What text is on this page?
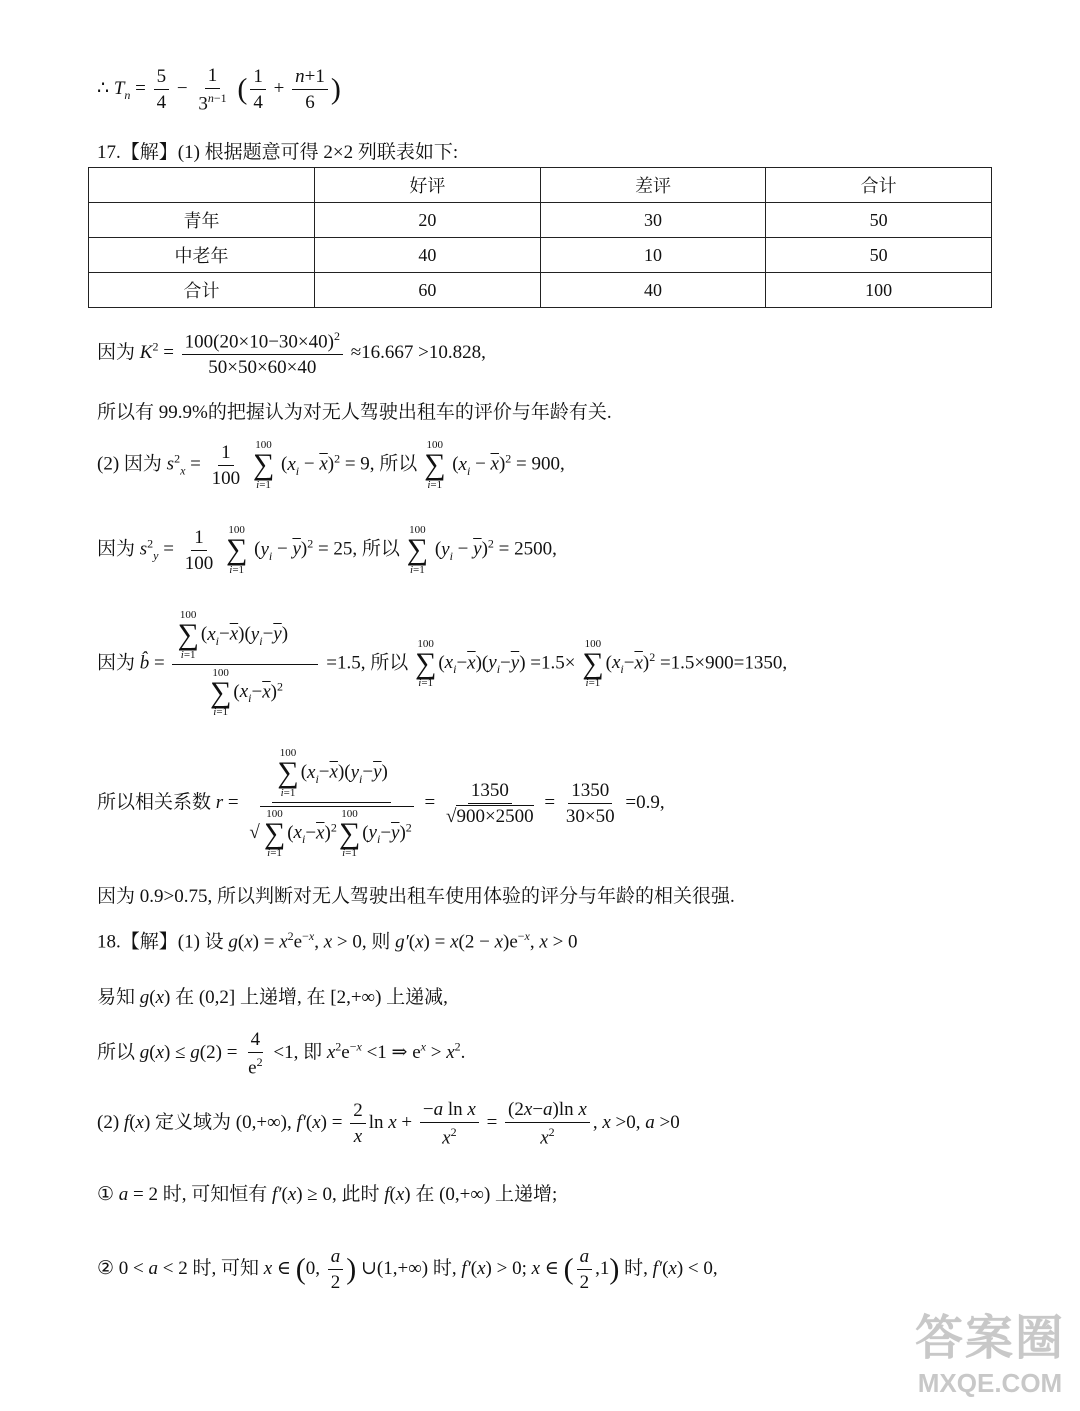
∴ $T_n = \frac{5}{4} - \frac{1}{3^{n-1}}$ ( $\frac{1}{4} + \frac{n+1}{6}$ )
17.【解】(1) 根据题意可得 2×2 列联表如下:
	好评	差评	合计
青年	20	30	50
中老年	40	10	50
合计	60	40	100
因为 $K^2 = \frac{100(20\times 10-30\times 40)^2}{50\times 50\times 60\times 40} \approx 16.667 >10.828$,
所以有 99.9%的把握认为对无人驾驶出租车的评价与年龄有关.
(2) 因为 $s^2_x = \frac{1}{100}$
100
∑
i=1
$(x_i - \overline{x})^2 = 9$, 所以
100
∑
i=1
$(x_i - \overline{x})^2 = 900$,
因为 $s^2_y = \frac{1}{100}$
100
∑
i=1
$(y_i - \overline{y})^2 = 25$, 所以
100
∑
i=1
$(y_i - \overline{y})^2 = 2500$,
因为 b̂ = 100
∑
i=1
$(x_i-\overline{x})(y_i-\overline{y})$
100
∑
i=1
$(x_i-\overline{x})^2 =1.5$, 所以
100
∑
i=1
$(x_i-\overline{x})(y_i-\overline{y}) =1.5\times$
100
∑
i=1
$(x_i-\overline{x})^2 =1.5\times 900=1350$,
所以相关系数 r = 100
∑
i=1
$(x_i-\overline{x})(y_i-\overline{y})$
√
100
∑
i=1
$(x_i-\overline{x})^2$
100
∑
i=1
$(y_i-\overline{y})^2 = \frac{1350}{√900\times 2500} = \frac{1350}{30\times 50} =0.9$,
因为 0.9>0.75, 所以判断对无人驾驶出租车使用体验的评分与年龄的相关很强.
18.【解】(1) 设 $g(x) = x^2e^{-x}$, x > 0, 则 $g'(x) = x(2 - x)e^{-x}$, x > 0
易知 g(x) 在 (0,2] 上递增, 在 [2,+∞) 上递减,
所以 $g(x) \le g(2) = \frac{4}{e^2} <1$, 即 $x^2e^{-x} <1$ ⇒ $e^x > x^2$.
(2) f(x) 定义域为 (0,+∞), $f'(x) = \frac{2}{x}$ $\ln x + \frac{\text{−a ln x}}{x^2} = \frac{\text{(2x−a)ln x}}{x^2}$ , x >0, a >0
① a = 2 时, 可知恒有 f′(x) ≥ 0, 此时 f(x) 在 (0,+∞) 上递增;
② 0 < a < 2 时, 可知 x ∈ (0, $\frac{a}{2}$ ) ∪(1,+∞) 时, f′(x) > 0; x ∈ ( $\frac{a}{2} ,1$) 时, f′(x) < 0,
答案圈
MXQE.COM
